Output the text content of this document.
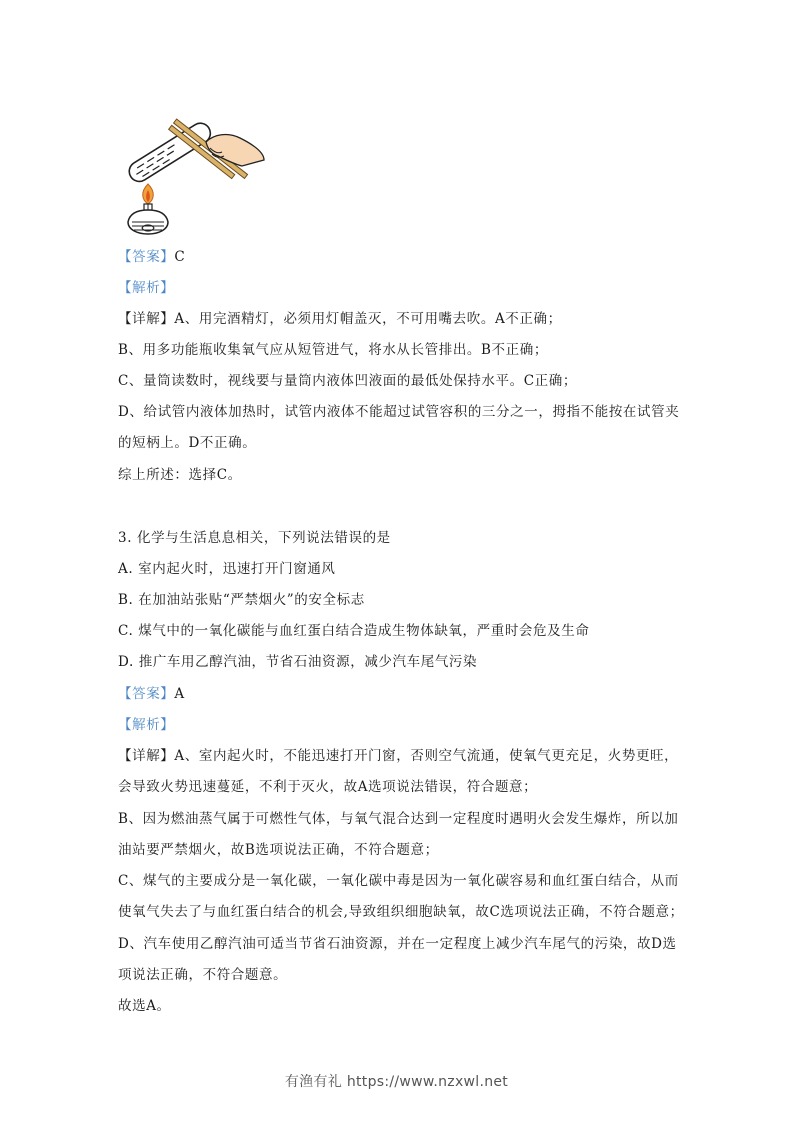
【答案】C
【解析】
【详解】A、用完酒精灯，必须用灯帽盖灭，不可用嘴去吹。A不正确；
B、用多功能瓶收集氧气应从短管进气，将水从长管排出。B不正确；
C、量筒读数时，视线要与量筒内液体凹液面的最低处保持水平。C正确；
D、给试管内液体加热时，试管内液体不能超过试管容积的三分之一，拇指不能按在试管夹
的短柄上。D不正确。
综上所述：选择C。
3. 化学与生活息息相关，下列说法错误的是
A. 室内起火时，迅速打开门窗通风
B. 在加油站张贴“严禁烟火”的安全标志
C. 煤气中的一氧化碳能与血红蛋白结合造成生物体缺氧，严重时会危及生命
D. 推广车用乙醇汽油，节省石油资源，减少汽车尾气污染
【答案】A
【解析】
【详解】A、室内起火时，不能迅速打开门窗，否则空气流通，使氧气更充足，火势更旺，
会导致火势迅速蔓延，不利于灭火，故A选项说法错误，符合题意；
B、因为燃油蒸气属于可燃性气体，与氧气混合达到一定程度时遇明火会发生爆炸，所以加
油站要严禁烟火，故B选项说法正确，不符合题意；
C、煤气的主要成分是一氧化碳，一氧化碳中毒是因为一氧化碳容易和血红蛋白结合，从而
使氧气失去了与血红蛋白结合的机会,导致组织细胞缺氧，故C选项说法正确，不符合题意；
D、汽车使用乙醇汽油可适当节省石油资源，并在一定程度上减少汽车尾气的污染，故D选
项说法正确，不符合题意。
故选A。
有渔有礼 https://www.nzxwl.net
